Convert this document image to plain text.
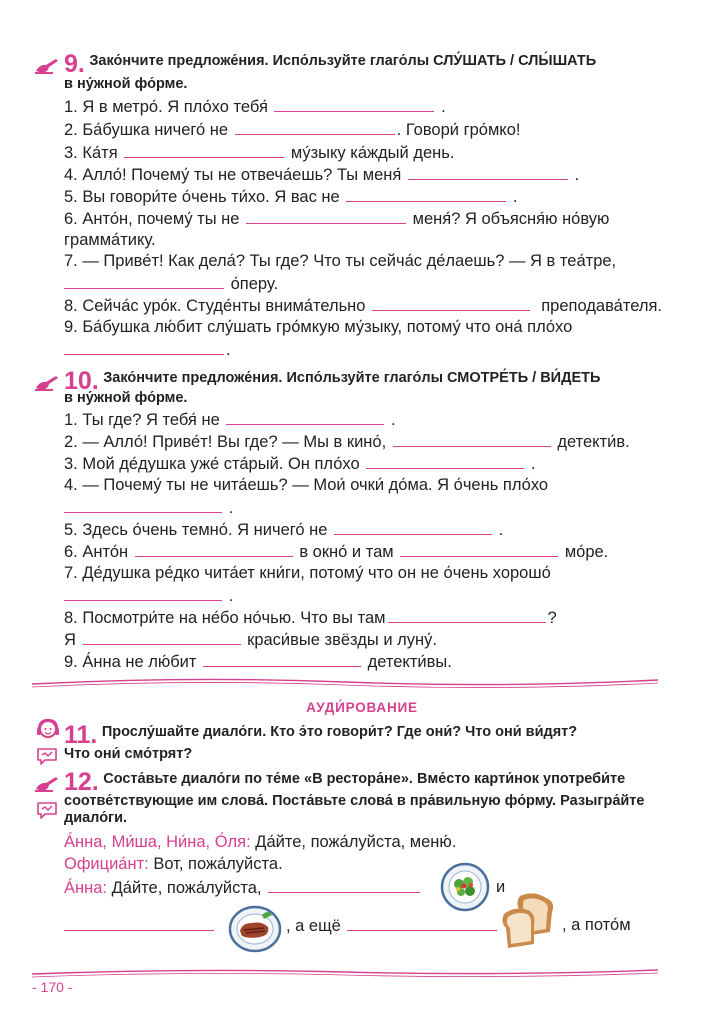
9. Зако́нчите предложе́ния. Испо́льзуйте глаго́лы СЛУ́ШАТЬ / СЛЫ́ШАТЬ
в ну́жной фо́рме.
1. Я в метро́. Я пло́хо тебя́	.
2. Ба́бушка ничего́ не	. Говори́ гро́мко!
3. Ка́тя	му́зыку ка́ждый день.
4. Алло́! Почему́ ты не отвеча́ешь? Ты меня́	.
5. Вы говори́те о́чень ти́хо. Я вас не	.
6. Анто́н, почему́ ты не	меня́? Я объясня́ю но́вую
грамма́тику.
7. — Приве́т! Как дела́? Ты где? Что ты сейча́с де́лаешь? — Я в теа́тре,
о́перу.
8. Сейча́с уро́к. Студе́нты внима́тельно	преподава́теля.
9. Ба́бушка лю́бит слу́шать гро́мкую му́зыку, потому́ что она́ пло́хо
.
10. Зако́нчите предложе́ния. Испо́льзуйте глаго́лы СМОТРЕ́ТЬ / ВИ́ДЕТЬ
в ну́жной фо́рме.
1. Ты где? Я тебя́ не	.
2. — Алло́! Приве́т! Вы где? — Мы в кино́,	детекти́в.
3. Мой де́душка уже́ ста́рый. Он пло́хо	.
4. — Почему́ ты не чита́ешь? — Мои́ очки́ до́ма. Я о́чень пло́хо
.
5. Здесь о́чень темно́. Я ничего́ не	.
6. Анто́н	в окно́ и там	мо́ре.
7. Де́душка ре́дко чита́ет кни́ги, потому́ что он не о́чень хорошо́
.
8. Посмотри́те на не́бо но́чью. Что вы там	?
Я	краси́вые звёзды и луну́.
9. А́нна не лю́бит	детекти́вы.
АУДИ́РОВАНИЕ
11. Прослу́шайте диало́ги. Кто э́то говори́т? Где они́? Что они́ ви́дят?
Что они́ смо́трят?
12. Соста́вьте диало́ги по те́ме «В рестора́не». Вме́сто карти́нок употреби́те
соотве́тствующие им слова́. Поста́вьте слова́ в пра́вильную фо́рму. Разыгра́йте
диало́ги.
А́нна, Ми́ша, Ни́на, О́ля: Да́йте, пожа́луйста, меню́.
Официа́нт: Вот, пожа́луйста.
А́нна: Да́йте, пожа́луйста,	и
, а ещё	, а пото́м
- 170 -
